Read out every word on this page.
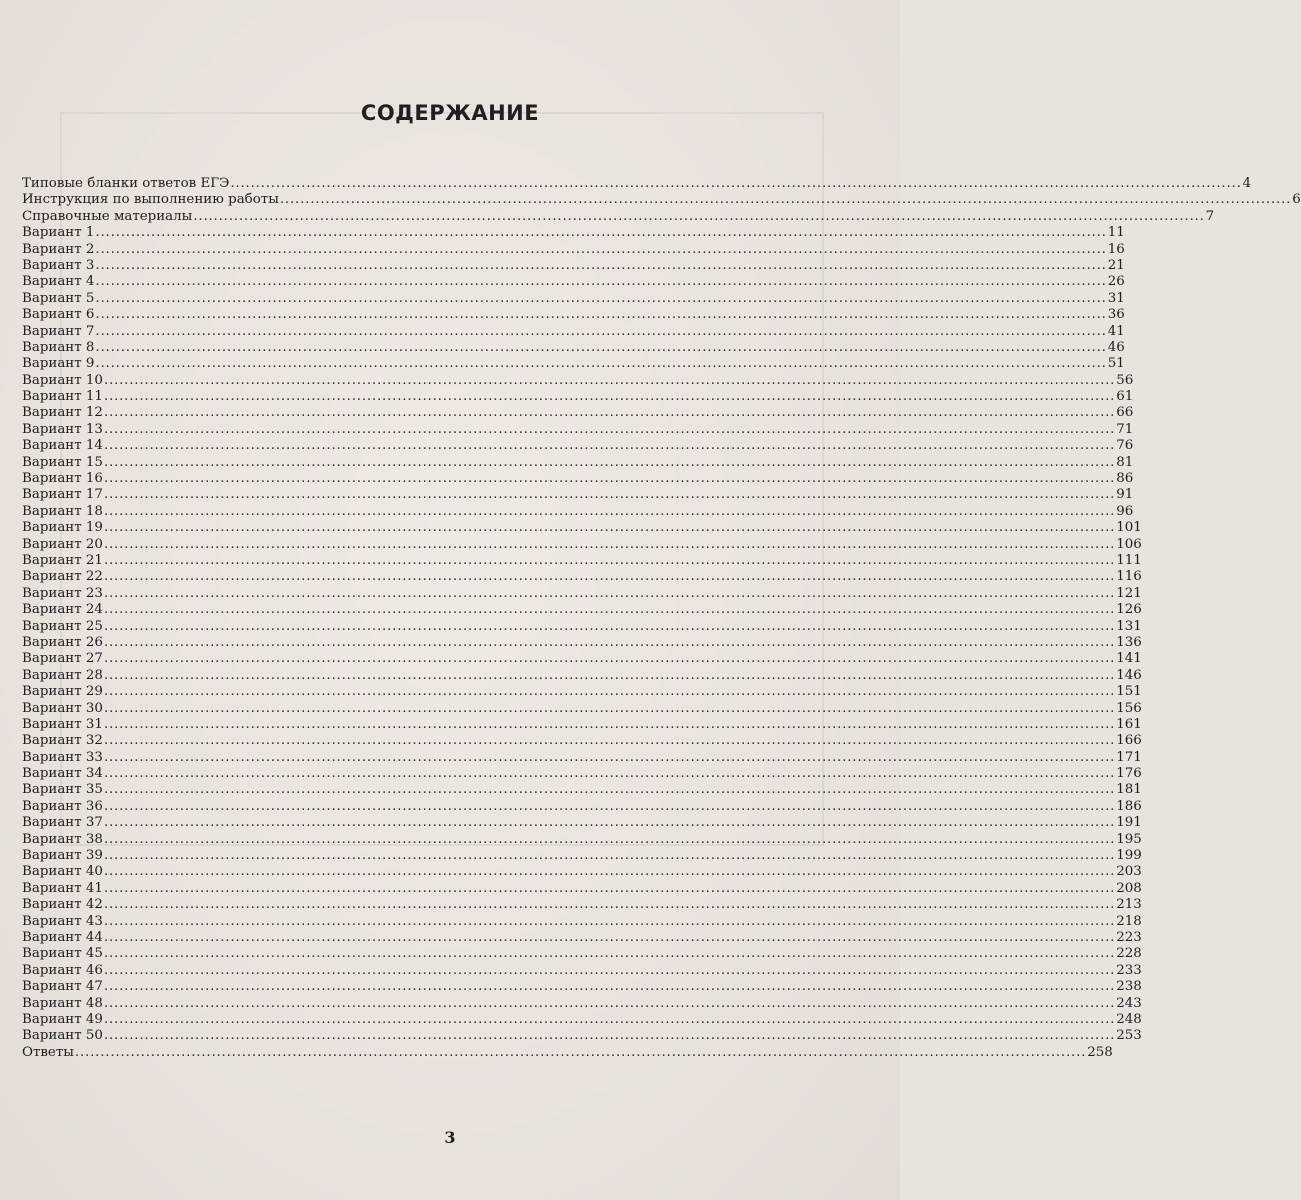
СОДЕРЖАНИЕ
Типовые бланки ответов ЕГЭ ........................................................................................................................................................................................................ 4
Инструкция по выполнению работы ........................................................................................................................................................................................................ 6
Справочные материалы ........................................................................................................................................................................................................ 7
Вариант 1 ........................................................................................................................................................................................................ 11
Вариант 2 ........................................................................................................................................................................................................ 16
Вариант 3 ........................................................................................................................................................................................................ 21
Вариант 4 ........................................................................................................................................................................................................ 26
Вариант 5 ........................................................................................................................................................................................................ 31
Вариант 6 ........................................................................................................................................................................................................ 36
Вариант 7 ........................................................................................................................................................................................................ 41
Вариант 8 ........................................................................................................................................................................................................ 46
Вариант 9 ........................................................................................................................................................................................................ 51
Вариант 10 ........................................................................................................................................................................................................ 56
Вариант 11 ........................................................................................................................................................................................................ 61
Вариант 12 ........................................................................................................................................................................................................ 66
Вариант 13 ........................................................................................................................................................................................................ 71
Вариант 14 ........................................................................................................................................................................................................ 76
Вариант 15 ........................................................................................................................................................................................................ 81
Вариант 16 ........................................................................................................................................................................................................ 86
Вариант 17 ........................................................................................................................................................................................................ 91
Вариант 18 ........................................................................................................................................................................................................ 96
Вариант 19 ........................................................................................................................................................................................................ 101
Вариант 20 ........................................................................................................................................................................................................ 106
Вариант 21 ........................................................................................................................................................................................................ 111
Вариант 22 ........................................................................................................................................................................................................ 116
Вариант 23 ........................................................................................................................................................................................................ 121
Вариант 24 ........................................................................................................................................................................................................ 126
Вариант 25 ........................................................................................................................................................................................................ 131
Вариант 26 ........................................................................................................................................................................................................ 136
Вариант 27 ........................................................................................................................................................................................................ 141
Вариант 28 ........................................................................................................................................................................................................ 146
Вариант 29 ........................................................................................................................................................................................................ 151
Вариант 30 ........................................................................................................................................................................................................ 156
Вариант 31 ........................................................................................................................................................................................................ 161
Вариант 32 ........................................................................................................................................................................................................ 166
Вариант 33 ........................................................................................................................................................................................................ 171
Вариант 34 ........................................................................................................................................................................................................ 176
Вариант 35 ........................................................................................................................................................................................................ 181
Вариант 36 ........................................................................................................................................................................................................ 186
Вариант 37 ........................................................................................................................................................................................................ 191
Вариант 38 ........................................................................................................................................................................................................ 195
Вариант 39 ........................................................................................................................................................................................................ 199
Вариант 40 ........................................................................................................................................................................................................ 203
Вариант 41 ........................................................................................................................................................................................................ 208
Вариант 42 ........................................................................................................................................................................................................ 213
Вариант 43 ........................................................................................................................................................................................................ 218
Вариант 44 ........................................................................................................................................................................................................ 223
Вариант 45 ........................................................................................................................................................................................................ 228
Вариант 46 ........................................................................................................................................................................................................ 233
Вариант 47 ........................................................................................................................................................................................................ 238
Вариант 48 ........................................................................................................................................................................................................ 243
Вариант 49 ........................................................................................................................................................................................................ 248
Вариант 50 ........................................................................................................................................................................................................ 253
Ответы ........................................................................................................................................................................................................ 258
3
